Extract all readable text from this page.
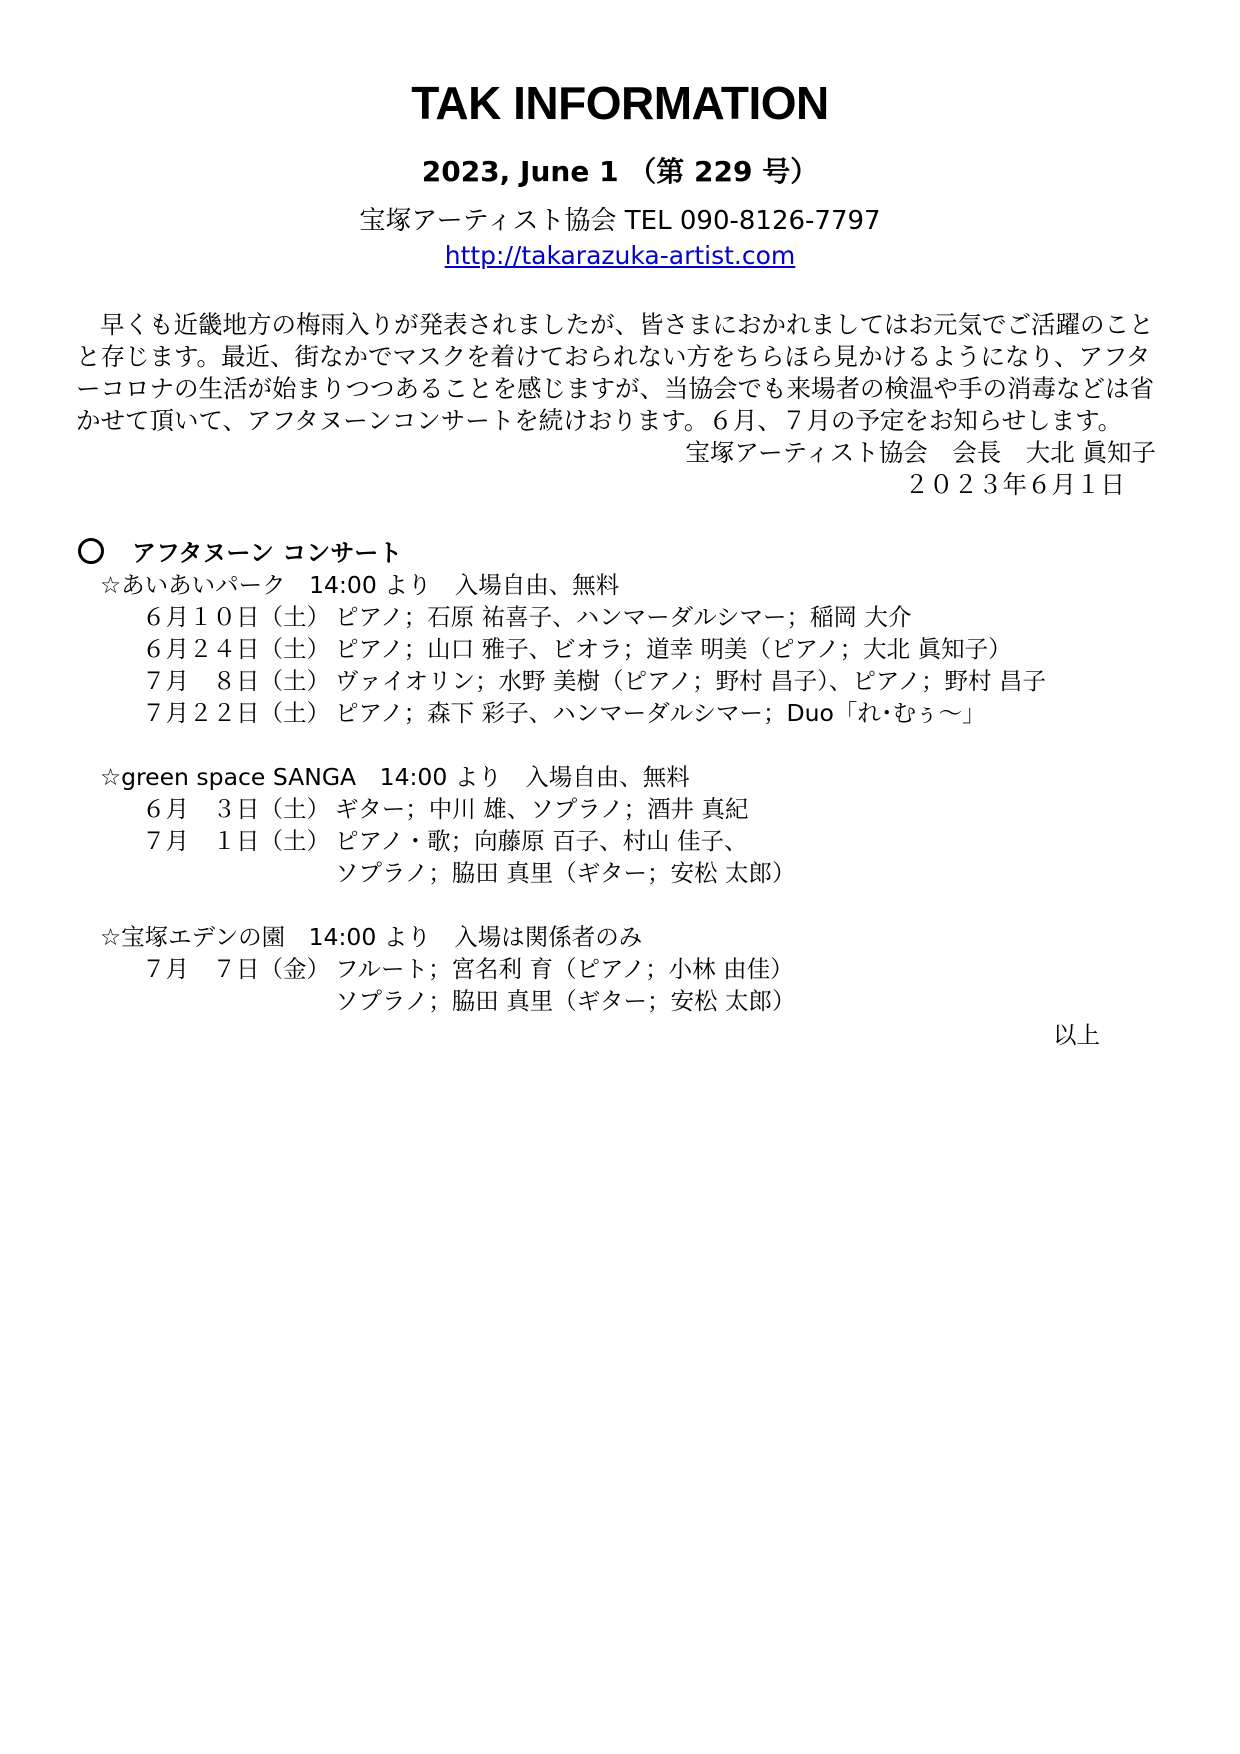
TAK INFORMATION
2023, June 1 （第 229 号）
宝塚アーティスト協会 TEL 090-8126-7797
http://takarazuka-artist.com
早くも近畿地方の梅雨入りが発表されましたが、皆さまにおかれましてはお元気でご活躍のこと
と存じます。最近、街なかでマスクを着けておられない方をちらほら見かけるようになり、アフタ
ーコロナの生活が始まりつつあることを感じますが、当協会でも来場者の検温や手の消毒などは省
かせて頂いて、アフタヌーンコンサートを続けおります。６月、７月の予定をお知らせします。
宝塚アーティスト協会　会長　大北 眞知子
２０２３年６月１日
アフタヌーン コンサート
☆あいあいパーク　14:00 より　入場自由、無料
６月１０日（土） ピアノ；石原 祐喜子、ハンマーダルシマー；稲岡 大介
６月２４日（土） ピアノ；山口 雅子、ビオラ；道幸 明美（ピアノ；大北 眞知子）
７月　８日（土） ヴァイオリン；水野 美樹（ピアノ；野村 昌子）、ピアノ；野村 昌子
７月２２日（土） ピアノ；森下 彩子、ハンマーダルシマー；Duo「れ･むぅ～」
☆green space SANGA　14:00 より　入場自由、無料
６月　３日（土） ギター；中川 雄、ソプラノ；酒井 真紀
７月　１日（土） ピアノ・歌；向藤原 百子、村山 佳子、
ソプラノ；脇田 真里（ギター；安松 太郎）
☆宝塚エデンの園　14:00 より　入場は関係者のみ
７月　７日（金） フルート；宮名利 育（ピアノ；小林 由佳）
ソプラノ；脇田 真里（ギター；安松 太郎）
以上
